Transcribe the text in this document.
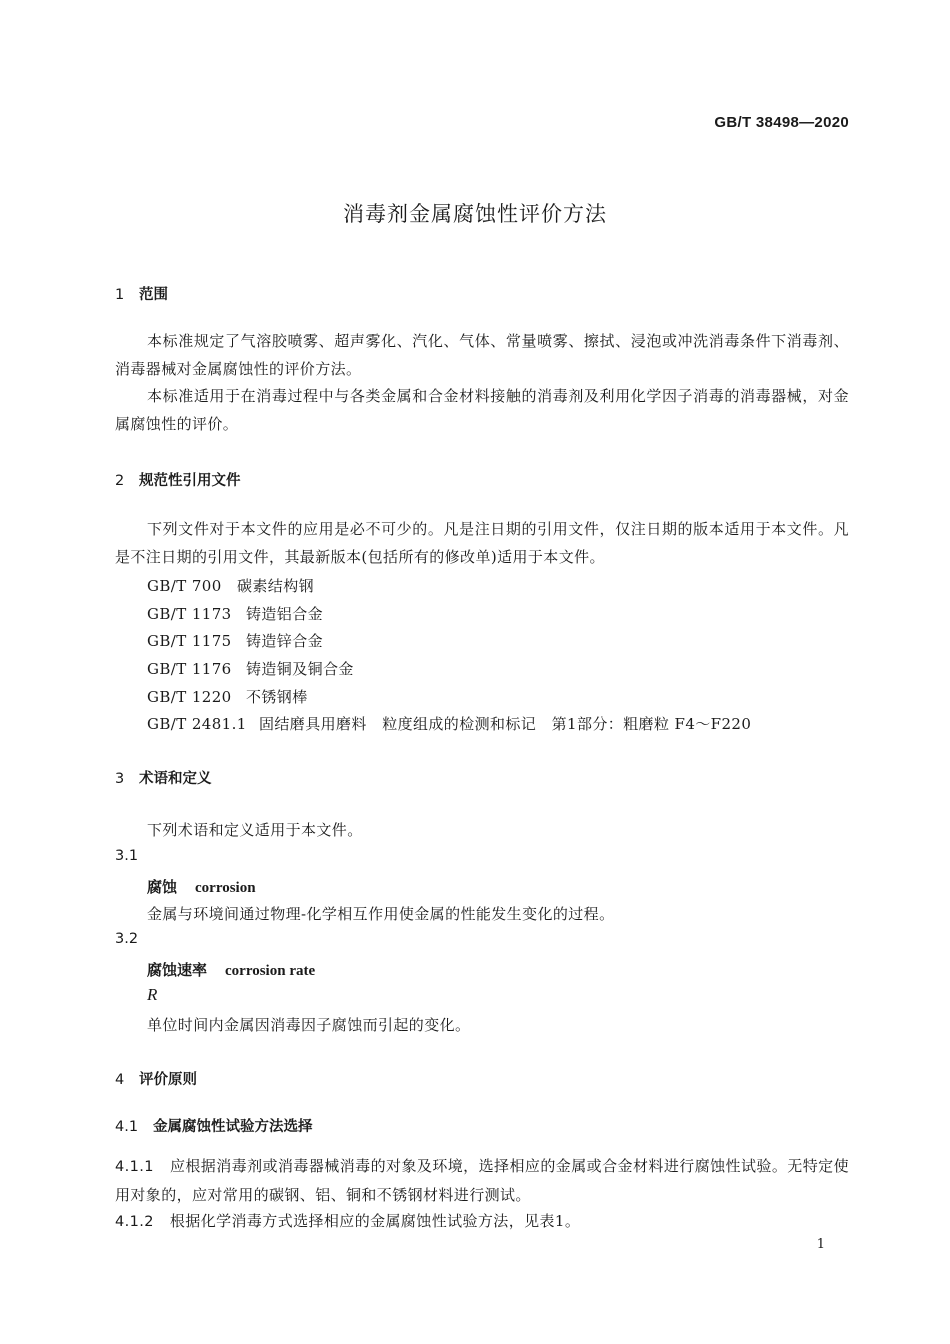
GB/T 38498—2020
消毒剂金属腐蚀性评价方法
1 范围
本标准规定了气溶胶喷雾、超声雾化、汽化、气体、常量喷雾、擦拭、浸泡或冲洗消毒条件下消毒剂、消毒器械对金属腐蚀性的评价方法。
本标准适用于在消毒过程中与各类金属和合金材料接触的消毒剂及利用化学因子消毒的消毒器械，对金属腐蚀性的评价。
2 规范性引用文件
下列文件对于本文件的应用是必不可少的。凡是注日期的引用文件，仅注日期的版本适用于本文件。凡是不注日期的引用文件，其最新版本(包括所有的修改单)适用于本文件。
GB/T 700 碳素结构钢
GB/T 1173 铸造铝合金
GB/T 1175 铸造锌合金
GB/T 1176 铸造铜及铜合金
GB/T 1220 不锈钢棒
GB/T 2481.1 固结磨具用磨料　粒度组成的检测和标记　第1部分：粗磨粒 F4～F220
3 术语和定义
下列术语和定义适用于本文件。
3.1
腐蚀 corrosion
金属与环境间通过物理-化学相互作用使金属的性能发生变化的过程。
3.2
腐蚀速率 corrosion rate
R
单位时间内金属因消毒因子腐蚀而引起的变化。
4 评价原则
4.1 金属腐蚀性试验方法选择
4.1.1 应根据消毒剂或消毒器械消毒的对象及环境，选择相应的金属或合金材料进行腐蚀性试验。无特定使用对象的，应对常用的碳钢、铝、铜和不锈钢材料进行测试。
4.1.2 根据化学消毒方式选择相应的金属腐蚀性试验方法，见表1。
1
